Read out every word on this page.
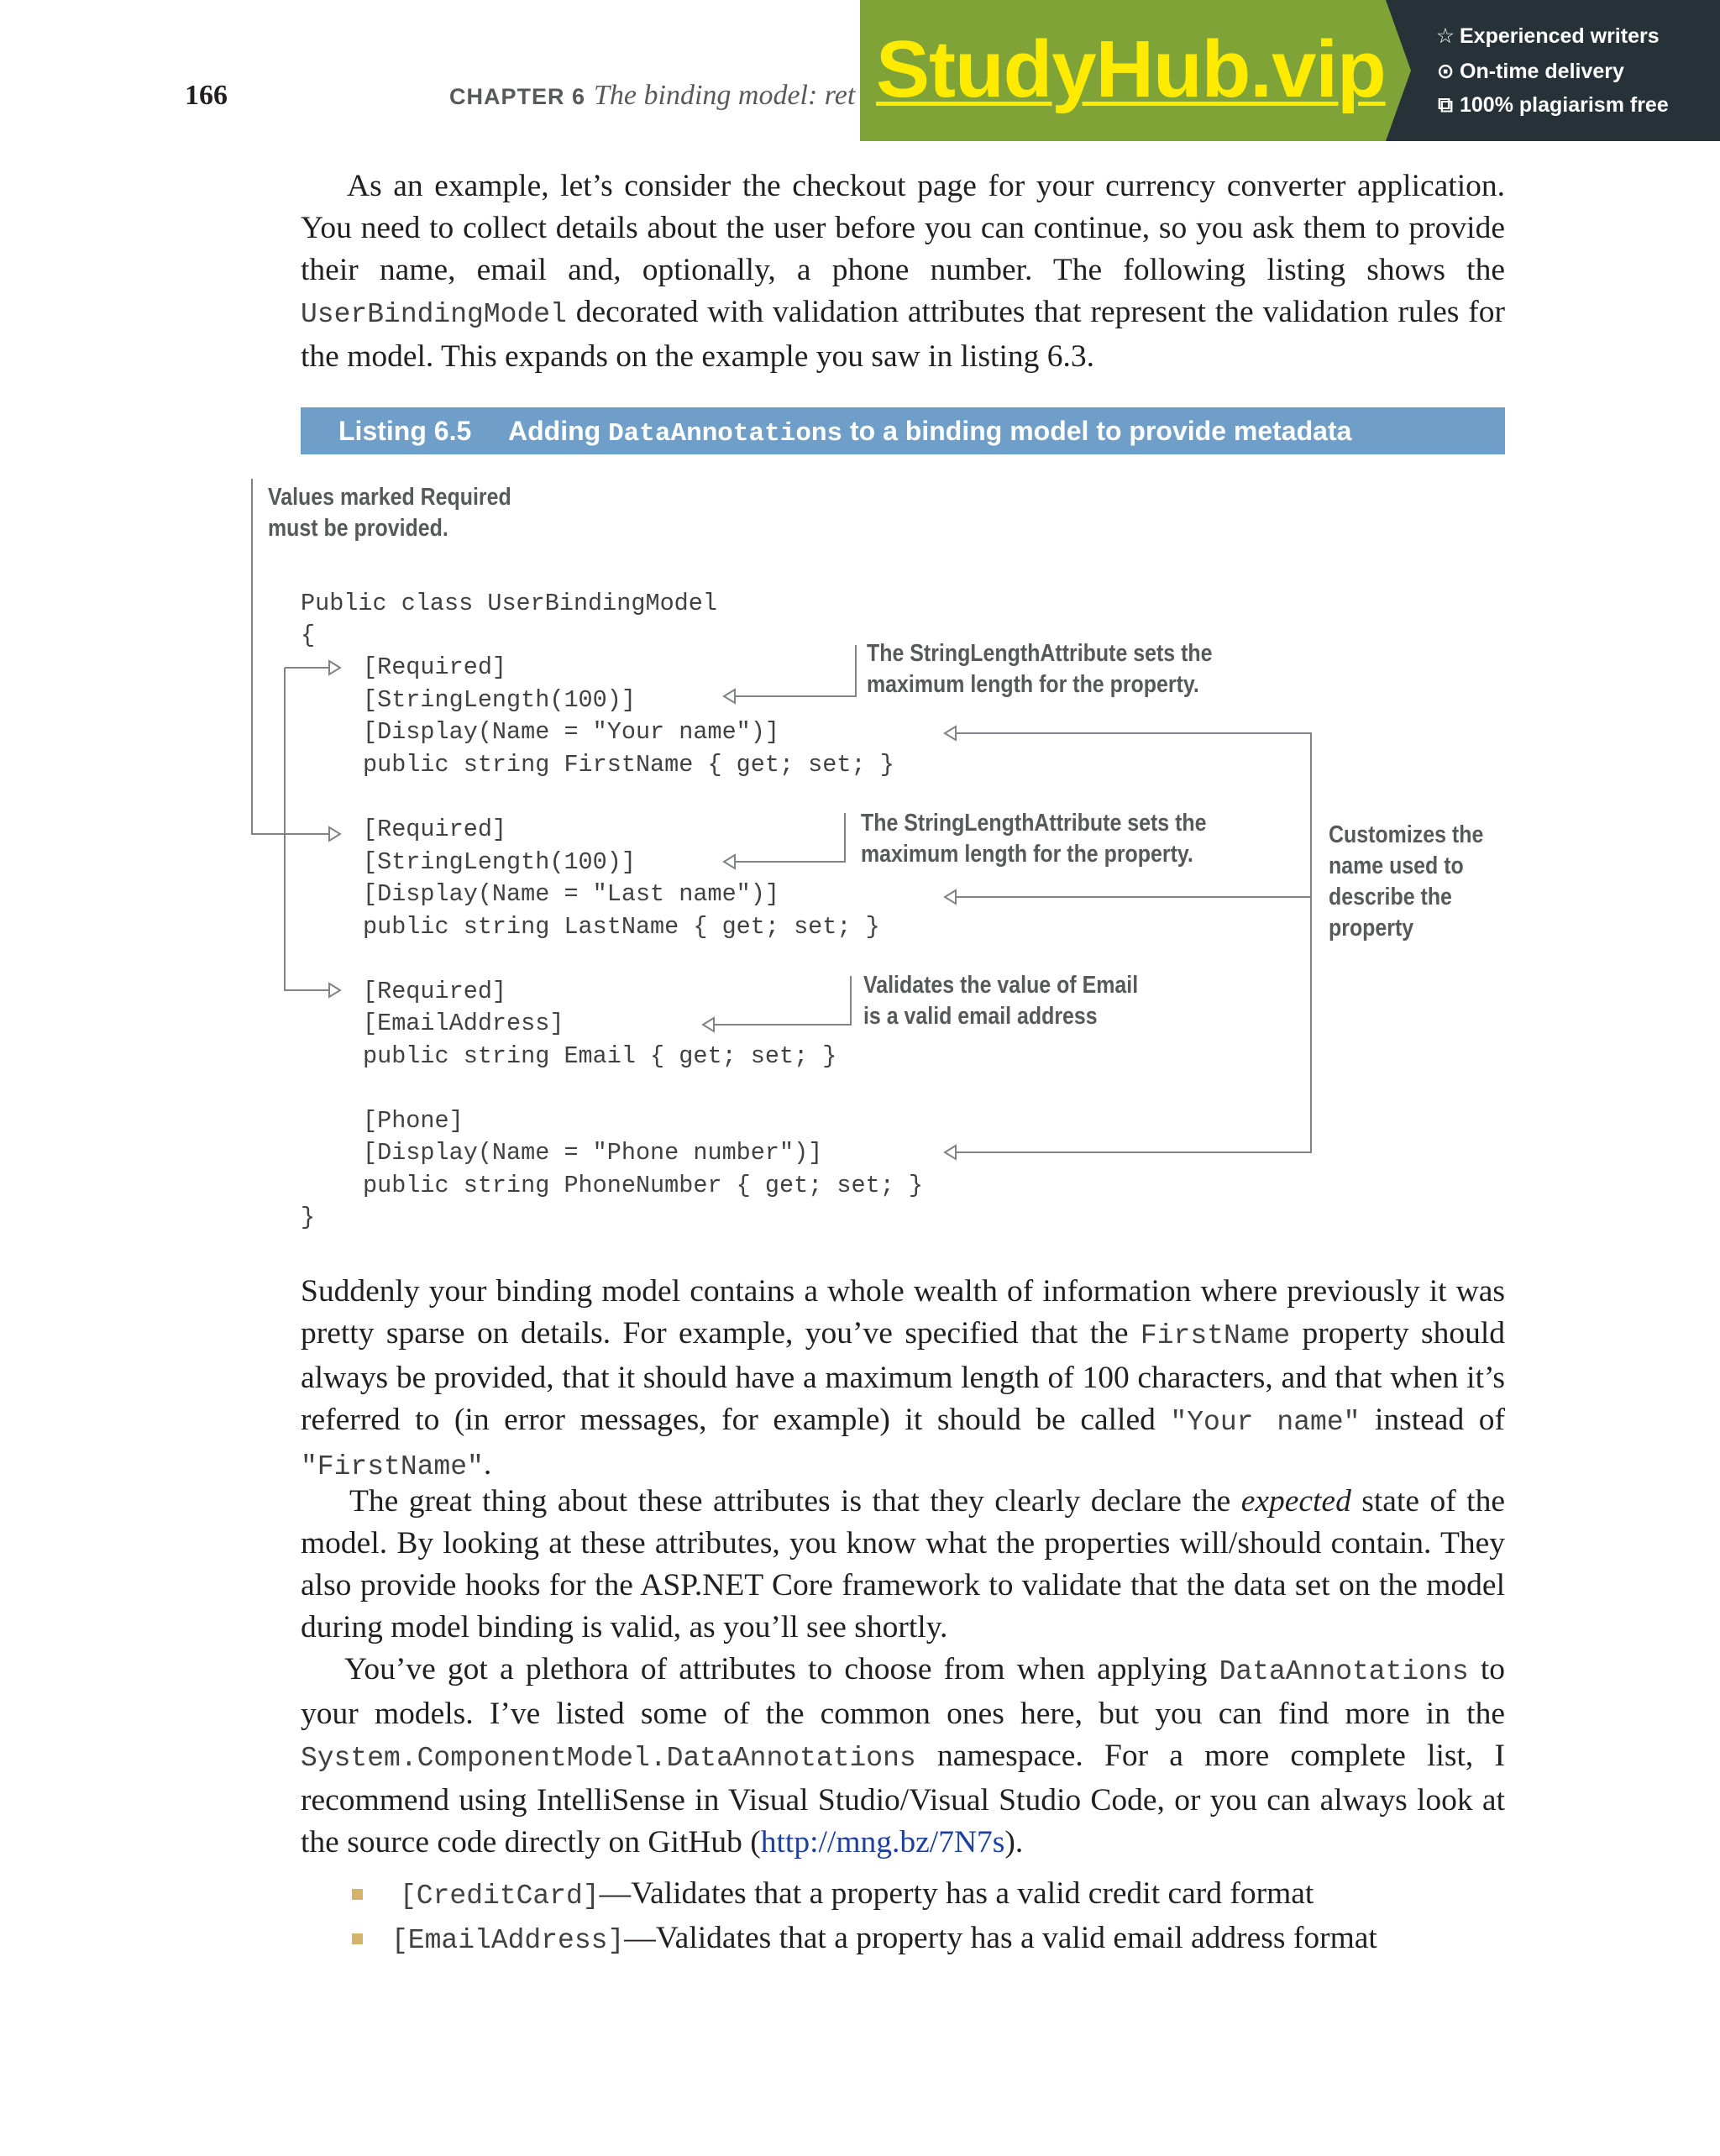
166	CHAPTER 6 The binding model: ret StudyHub.vip ☆ Experienced writers
⊙ On-time delivery
⧉ 100% plagiarism free

As an example, let’s consider the checkout page for your currency converter application. You need to collect details about the user before you can continue, so you ask them to provide their name, email and, optionally, a phone number. The following listing shows the UserBindingModel decorated with validation attributes that represent the validation rules for the model. This expands on the example you saw in listing 6.3.

Listing 6.5 Adding DataAnnotations to a binding model to provide metadata
Public class UserBindingModel
{
[Required]
[StringLength(100)]
[Display(Name = "Your name")]
public string FirstName { get; set; }
[Required]
[StringLength(100)]
[Display(Name = "Last name")]
public string LastName { get; set; }
[Required]
[EmailAddress]
public string Email { get; set; }
[Phone]
[Display(Name = "Phone number")]
public string PhoneNumber { get; set; }
}
Values marked Required
must be provided.
The StringLengthAttribute sets the
maximum length for the property.
The StringLengthAttribute sets the
maximum length for the property.
Validates the value of Email
is a valid email address
Customizes the
name used to
describe the
property

Suddenly your binding model contains a whole wealth of information where previously it was pretty sparse on details. For example, you’ve specified that the FirstName property should always be provided, that it should have a maximum length of 100 characters, and that when it’s referred to (in error messages, for example) it should be called "Your name" instead of "FirstName".

The great thing about these attributes is that they clearly declare the expected state of the model. By looking at these attributes, you know what the properties will/should contain. They also provide hooks for the ASP.NET Core framework to validate that the data set on the model during model binding is valid, as you’ll see shortly.

You’ve got a plethora of attributes to choose from when applying DataAnnotations to your models. I’ve listed some of the common ones here, but you can find more in the System.ComponentModel.DataAnnotations namespace. For a more complete list, I recommend using IntelliSense in Visual Studio/Visual Studio Code, or you can always look at the source code directly on GitHub (http://mng.bz/7N7s).

[CreditCard]—Validates that a property has a valid credit card format
[EmailAddress]—Validates that a property has a valid email address format
